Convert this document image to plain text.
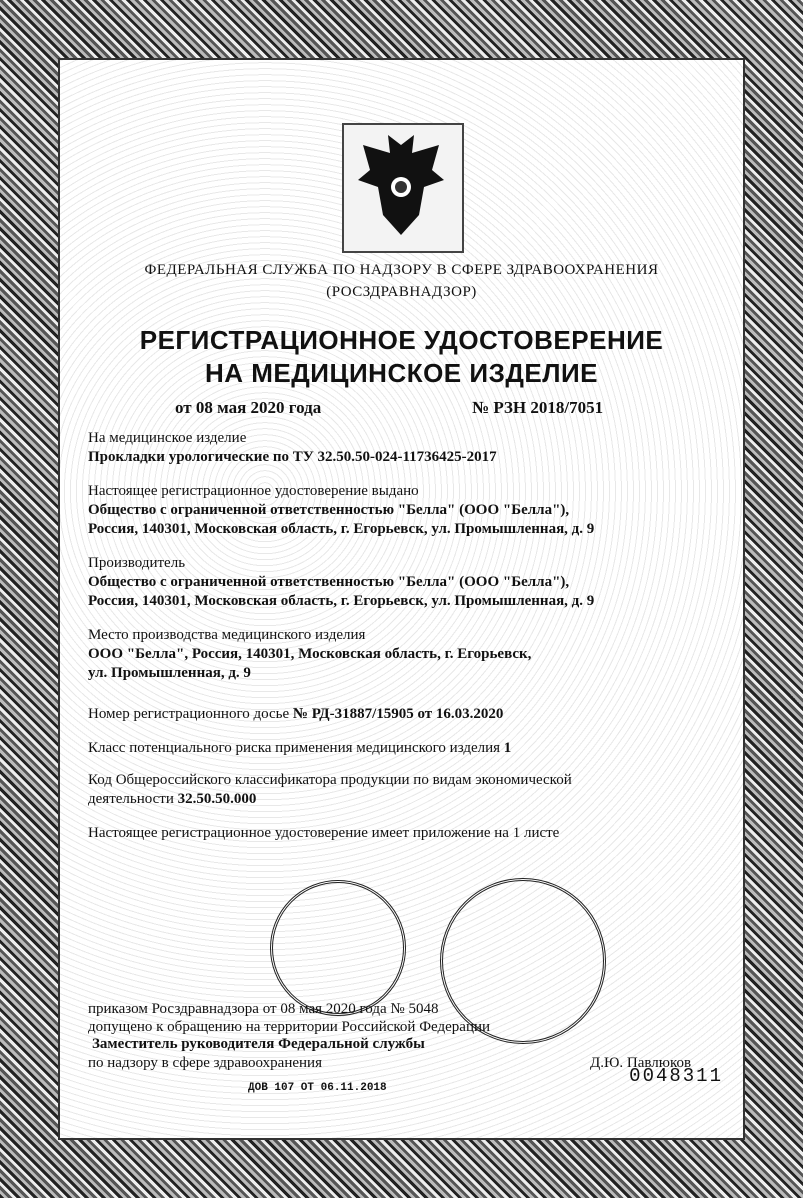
ФЕДЕРАЛЬНАЯ СЛУЖБА ПО НАДЗОРУ В СФЕРЕ ЗДРАВООХРАНЕНИЯ
(РОСЗДРАВНАДЗОР)
РЕГИСТРАЦИОННОЕ УДОСТОВЕРЕНИЕ
НА МЕДИЦИНСКОЕ ИЗДЕЛИЕ
от 08 мая 2020 года	№ РЗН 2018/7051
На медицинское изделие
Прокладки урологические по ТУ 32.50.50-024-11736425-2017
Настоящее регистрационное удостоверение выдано
Общество с ограниченной ответственностью "Белла" (ООО "Белла"),
Россия, 140301, Московская область, г. Егорьевск, ул. Промышленная, д. 9
Производитель
Общество с ограниченной ответственностью "Белла" (ООО "Белла"),
Россия, 140301, Московская область, г. Егорьевск, ул. Промышленная, д. 9
Место производства медицинского изделия
ООО "Белла", Россия, 140301, Московская область, г. Егорьевск,
ул. Промышленная, д. 9
Номер регистрационного досье № РД-31887/15905 от 16.03.2020
Класс потенциального риска применения медицинского изделия 1
Код Общероссийского классификатора продукции по видам экономической
деятельности 32.50.50.000
Настоящее регистрационное удостоверение имеет приложение на 1 листе
приказом Росздравнадзора от 08 мая 2020 года № 5048
допущено к обращению на территории Российской Федерации
Заместитель руководителя Федеральной службы
по надзору в сфере здравоохранения	Д.Ю. Павлюков
ДОВ 107 ОТ 06.11.2018
0048311
